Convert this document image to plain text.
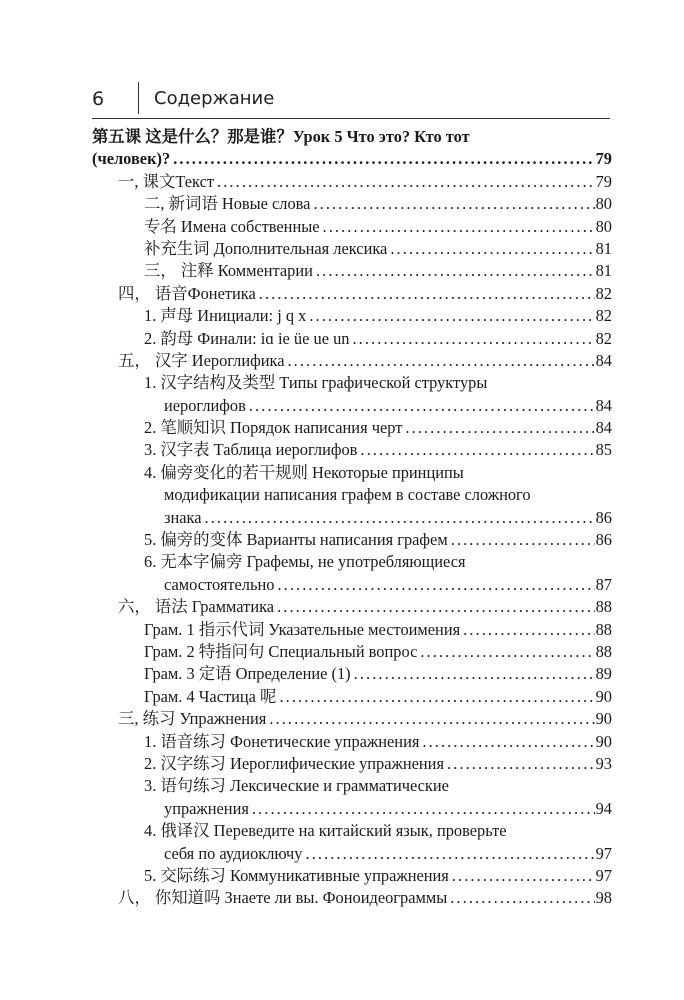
6	Содержание
第五课 这是什么？那是谁？Урок 5 Что это? Кто тот
(человек)? . . .	79
一, 课文Текст . . .	79
二, 新词语 Новые слова . . .	80
专名 Имена собственные . . .	80
补充生词 Дополнительная лексика . . .	81
三， 注释 Комментарии . . .	81
四， 语音Фонетика . . .	82
1. 声母 Инициали: j q x . . .	82
2. 韵母 Финали: iɑ ie üe ue un . . .	82
五， 汉字 Иероглифика . . .	84
1. 汉字结构及类型 Типы графической структуры
иероглифов . . .	84
2. 笔顺知识 Порядок написания черт . . .	84
3. 汉字表 Таблица иероглифов . . .	85
4. 偏旁变化的若干规则 Некоторые принципы
модификации написания графем в составе сложного
знака . . .	86
5. 偏旁的变体 Варианты написания графем . . .	86
6. 无本字偏旁 Графемы, не употребляющиеся
самостоятельно . . .	87
六， 语法 Грамматика . . .	88
Грам. 1 指示代词 Указательные местоимения . . .	88
Грам. 2 特指问句 Специальный вопрос . . .	88
Грам. 3 定语 Определение (1) . . .	89
Грам. 4 Частица 呢 . . .	90
三, 练习 Упражнения . . .	90
1. 语音练习 Фонетические упражнения . . .	90
2. 汉字练习 Иероглифические упражнения . . .	93
3. 语句练习 Лексические и грамматические
упражнения . . .	94
4. 俄译汉 Переведите на китайский язык, проверьте
себя по аудиоключу . . .	97
5. 交际练习 Коммуникативные упражнения . . .	97
八， 你知道吗 Знаете ли вы. Фоноидеограммы . . .	98
